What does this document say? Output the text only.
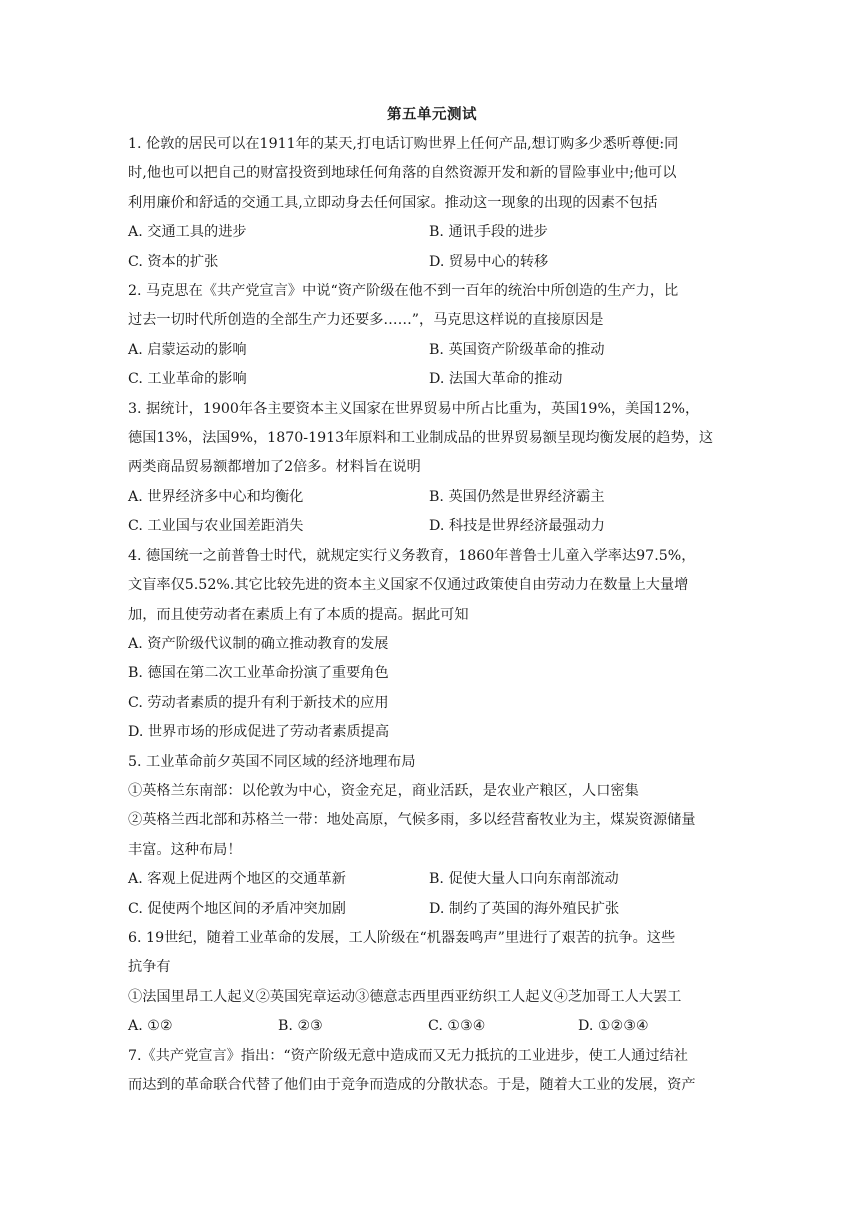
第五单元测试
1. 伦敦的居民可以在1911年的某天,打电话订购世界上任何产品,想订购多少悉听尊便:同
时,他也可以把自己的财富投资到地球任何角落的自然资源开发和新的冒险事业中;他可以
利用廉价和舒适的交通工具,立即动身去任何国家。推动这一现象的出现的因素不包括
A. 交通工具的进步	B. 通讯手段的进步
C. 资本的扩张	D. 贸易中心的转移
2. 马克思在《共产党宣言》中说“资产阶级在他不到一百年的统治中所创造的生产力，比
过去一切时代所创造的全部生产力还要多……”，马克思这样说的直接原因是
A. 启蒙运动的影响	B. 英国资产阶级革命的推动
C. 工业革命的影响	D. 法国大革命的推动
3. 据统计，1900年各主要资本主义国家在世界贸易中所占比重为，英国19%，美国12%，
德国13%，法国9%，1870-1913年原料和工业制成品的世界贸易额呈现均衡发展的趋势，这
两类商品贸易额都增加了2倍多。材料旨在说明
A. 世界经济多中心和均衡化	B. 英国仍然是世界经济霸主
C. 工业国与农业国差距消失	D. 科技是世界经济最强动力
4. 德国统一之前普鲁士时代，就规定实行义务教育，1860年普鲁士儿童入学率达97.5%，
文盲率仅5.52%.其它比较先进的资本主义国家不仅通过政策使自由劳动力在数量上大量增
加，而且使劳动者在素质上有了本质的提高。据此可知
A. 资产阶级代议制的确立推动教育的发展
B. 德国在第二次工业革命扮演了重要角色
C. 劳动者素质的提升有利于新技术的应用
D. 世界市场的形成促进了劳动者素质提高
5. 工业革命前夕英国不同区域的经济地理布局
①英格兰东南部：以伦敦为中心，资金充足，商业活跃，是农业产粮区，人口密集
②英格兰西北部和苏格兰一带：地处高原，气候多雨，多以经营畜牧业为主，煤炭资源储量
丰富。这种布局！
A. 客观上促进两个地区的交通革新	B. 促使大量人口向东南部流动
C. 促使两个地区间的矛盾冲突加剧	D. 制约了英国的海外殖民扩张
6. 19世纪，随着工业革命的发展，工人阶级在“机器轰鸣声”里进行了艰苦的抗争。这些
抗争有
①法国里昂工人起义②英国宪章运动③德意志西里西亚纺织工人起义④芝加哥工人大罢工
A. ①②	B. ②③	C. ①③④	D. ①②③④
7.《共产党宣言》指出：“资产阶级无意中造成而又无力抵抗的工业进步，使工人通过结社
而达到的革命联合代替了他们由于竞争而造成的分散状态。于是，随着大工业的发展，资产
